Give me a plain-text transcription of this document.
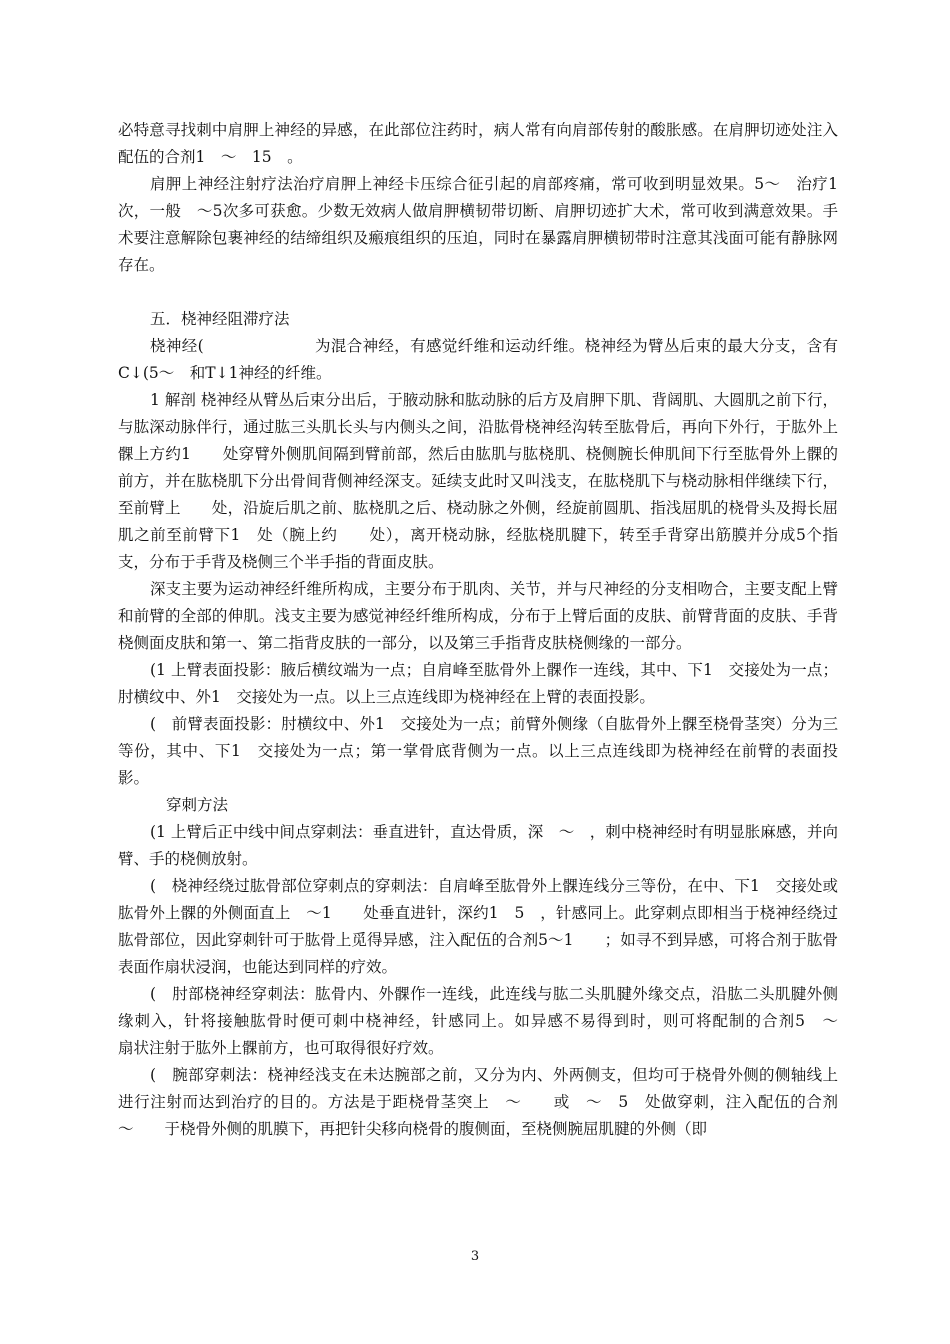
必特意寻找刺中肩胛上神经的异感，在此部位注药时，病人常有向肩部传射的酸胀感。在肩胛切迹处注入配伍的合剂1　～　15　。

肩胛上神经注射疗法治疗肩胛上神经卡压综合征引起的肩部疼痛，常可收到明显效果。5～　治疗1次，一般　～5次多可获愈。少数无效病人做肩胛横韧带切断、肩胛切迹扩大术，常可收到满意效果。手术要注意解除包裹神经的结缔组织及瘢痕组织的压迫，同时在暴露肩胛横韧带时注意其浅面可能有静脉网存在。

五．桡神经阻滞疗法

桡神经(　　　　　　　为混合神经，有感觉纤维和运动纤维。桡神经为臂丛后束的最大分支，含有C↓(5～　和T↓1神经的纤维。

1 解剖 桡神经从臂丛后束分出后，于腋动脉和肱动脉的后方及肩胛下肌、背阔肌、大圆肌之前下行，与肱深动脉伴行，通过肱三头肌长头与内侧头之间，沿肱骨桡神经沟转至肱骨后，再向下外行，于肱外上髁上方约1　　处穿臂外侧肌间隔到臂前部，然后由肱肌与肱桡肌、桡侧腕长伸肌间下行至肱骨外上髁的前方，并在肱桡肌下分出骨间背侧神经深支。延续支此时又叫浅支，在肱桡肌下与桡动脉相伴继续下行，至前臂上　　处，沿旋后肌之前、肱桡肌之后、桡动脉之外侧，经旋前圆肌、指浅屈肌的桡骨头及拇长屈肌之前至前臂下1　处（腕上约　　处），离开桡动脉，经肱桡肌腱下，转至手背穿出筋膜并分成5个指支，分布于手背及桡侧三个半手指的背面皮肤。

深支主要为运动神经纤维所构成，主要分布于肌肉、关节，并与尺神经的分支相吻合，主要支配上臂和前臂的全部的伸肌。浅支主要为感觉神经纤维所构成，分布于上臂后面的皮肤、前臂背面的皮肤、手背桡侧面皮肤和第一、第二指背皮肤的一部分，以及第三手指背皮肤桡侧缘的一部分。

(1 上臂表面投影：腋后横纹端为一点；自肩峰至肱骨外上髁作一连线，其中、下1　交接处为一点；肘横纹中、外1　交接处为一点。以上三点连线即为桡神经在上臂的表面投影。

(　前臂表面投影：肘横纹中、外1　交接处为一点；前臂外侧缘（自肱骨外上髁至桡骨茎突）分为三等份，其中、下1　交接处为一点；第一掌骨底背侧为一点。以上三点连线即为桡神经在前臂的表面投影。

穿刺方法

(1 上臂后正中线中间点穿刺法：垂直进针，直达骨质，深　～　，刺中桡神经时有明显胀麻感，并向臂、手的桡侧放射。

(　桡神经绕过肱骨部位穿刺点的穿刺法：自肩峰至肱骨外上髁连线分三等份，在中、下1　交接处或肱骨外上髁的外侧面直上　～1　　处垂直进针，深约1　5　，针感同上。此穿刺点即相当于桡神经绕过肱骨部位，因此穿刺针可于肱骨上觅得异感，注入配伍的合剂5～1　　；如寻不到异感，可将合剂于肱骨表面作扇状浸润，也能达到同样的疗效。

(　肘部桡神经穿刺法：肱骨内、外髁作一连线，此连线与肱二头肌腱外缘交点，沿肱二头肌腱外侧缘刺入，针将接触肱骨时便可刺中桡神经，针感同上。如异感不易得到时，则可将配制的合剂5　～　　　扇状注射于肱外上髁前方，也可取得很好疗效。

(　腕部穿刺法：桡神经浅支在未达腕部之前，又分为内、外两侧支，但均可于桡骨外侧的侧轴线上进行注射而达到治疗的目的。方法是于距桡骨茎突上　～　　或　～　5　处做穿刺，注入配伍的合剂　～　　于桡骨外侧的肌膜下，再把针尖移向桡骨的腹侧面，至桡侧腕屈肌腱的外侧（即

3
